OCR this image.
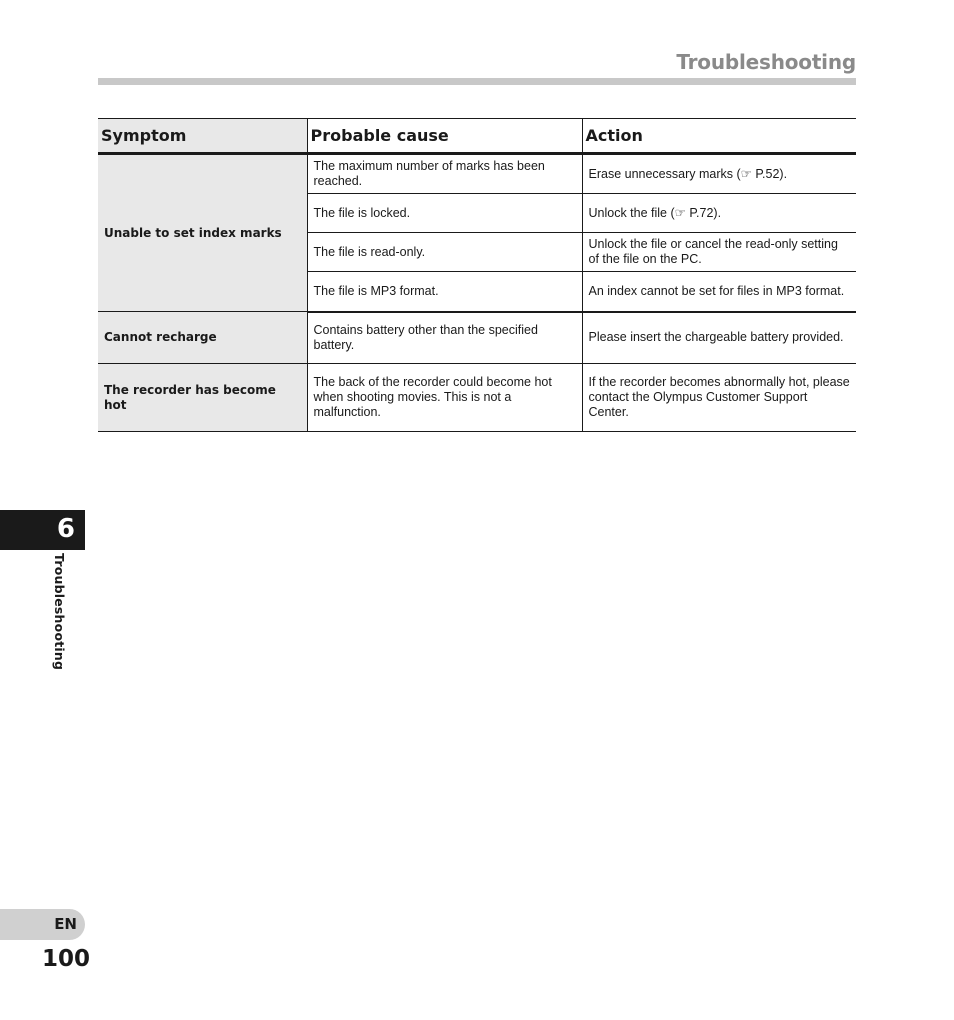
Troubleshooting
Symptom	Probable cause	Action
Unable to set index marks	The maximum number of marks has been reached.	Erase unnecessary marks (☞ P.52).
	The file is locked.	Unlock the file (☞ P.72).
	The file is read-only.	Unlock the file or cancel the read-only setting of the file on the PC.
	The file is MP3 format.	An index cannot be set for files in MP3 format.
Cannot recharge	Contains battery other than the specified battery.	Please insert the chargeable battery provided.
The recorder has become hot	The back of the recorder could become hot when shooting movies. This is not a malfunction.	If the recorder becomes abnormally hot, please contact the Olympus Customer Support Center.
6
Troubleshooting
EN
100
